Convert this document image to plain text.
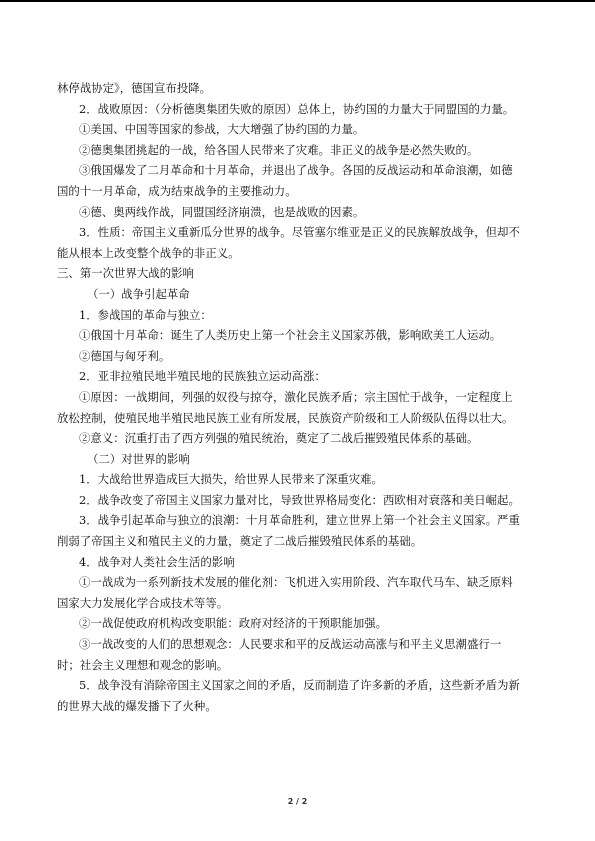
林停战协定》，德国宣布投降。
2．战败原因：（分析德奥集团失败的原因）总体上，协约国的力量大于同盟国的力量。
①美国、中国等国家的参战，大大增强了协约国的力量。
②德奥集团挑起的一战，给各国人民带来了灾难。非正义的战争是必然失败的。
③俄国爆发了二月革命和十月革命，并退出了战争。各国的反战运动和革命浪潮，如德
国的十一月革命，成为结束战争的主要推动力。
④德、奥两线作战，同盟国经济崩溃，也是战败的因素。
3．性质：帝国主义重新瓜分世界的战争。尽管塞尔维亚是正义的民族解放战争，但却不
能从根本上改变整个战争的非正义。
三、第一次世界大战的影响
（一）战争引起革命
1．参战国的革命与独立：
①俄国十月革命：诞生了人类历史上第一个社会主义国家苏俄，影响欧美工人运动。
②德国与匈牙利。
2．亚非拉殖民地半殖民地的民族独立运动高涨：
①原因：一战期间，列强的奴役与掠夺，激化民族矛盾；宗主国忙于战争，一定程度上
放松控制，使殖民地半殖民地民族工业有所发展，民族资产阶级和工人阶级队伍得以壮大。
②意义：沉重打击了西方列强的殖民统治，奠定了二战后摧毁殖民体系的基础。
（二）对世界的影响
1．大战给世界造成巨大损失，给世界人民带来了深重灾难。
2．战争改变了帝国主义国家力量对比，导致世界格局变化：西欧相对衰落和美日崛起。
3．战争引起革命与独立的浪潮：十月革命胜利，建立世界上第一个社会主义国家。严重
削弱了帝国主义和殖民主义的力量，奠定了二战后摧毁殖民体系的基础。
4．战争对人类社会生活的影响
①一战成为一系列新技术发展的催化剂：飞机进入实用阶段、汽车取代马车、缺乏原料
国家大力发展化学合成技术等等。
②一战促使政府机构改变职能：政府对经济的干预职能加强。
③一战改变的人们的思想观念：人民要求和平的反战运动高涨与和平主义思潮盛行一
时；社会主义理想和观念的影响。
5．战争没有消除帝国主义国家之间的矛盾，反而制造了许多新的矛盾，这些新矛盾为新
的世界大战的爆发播下了火种。
2 / 2
